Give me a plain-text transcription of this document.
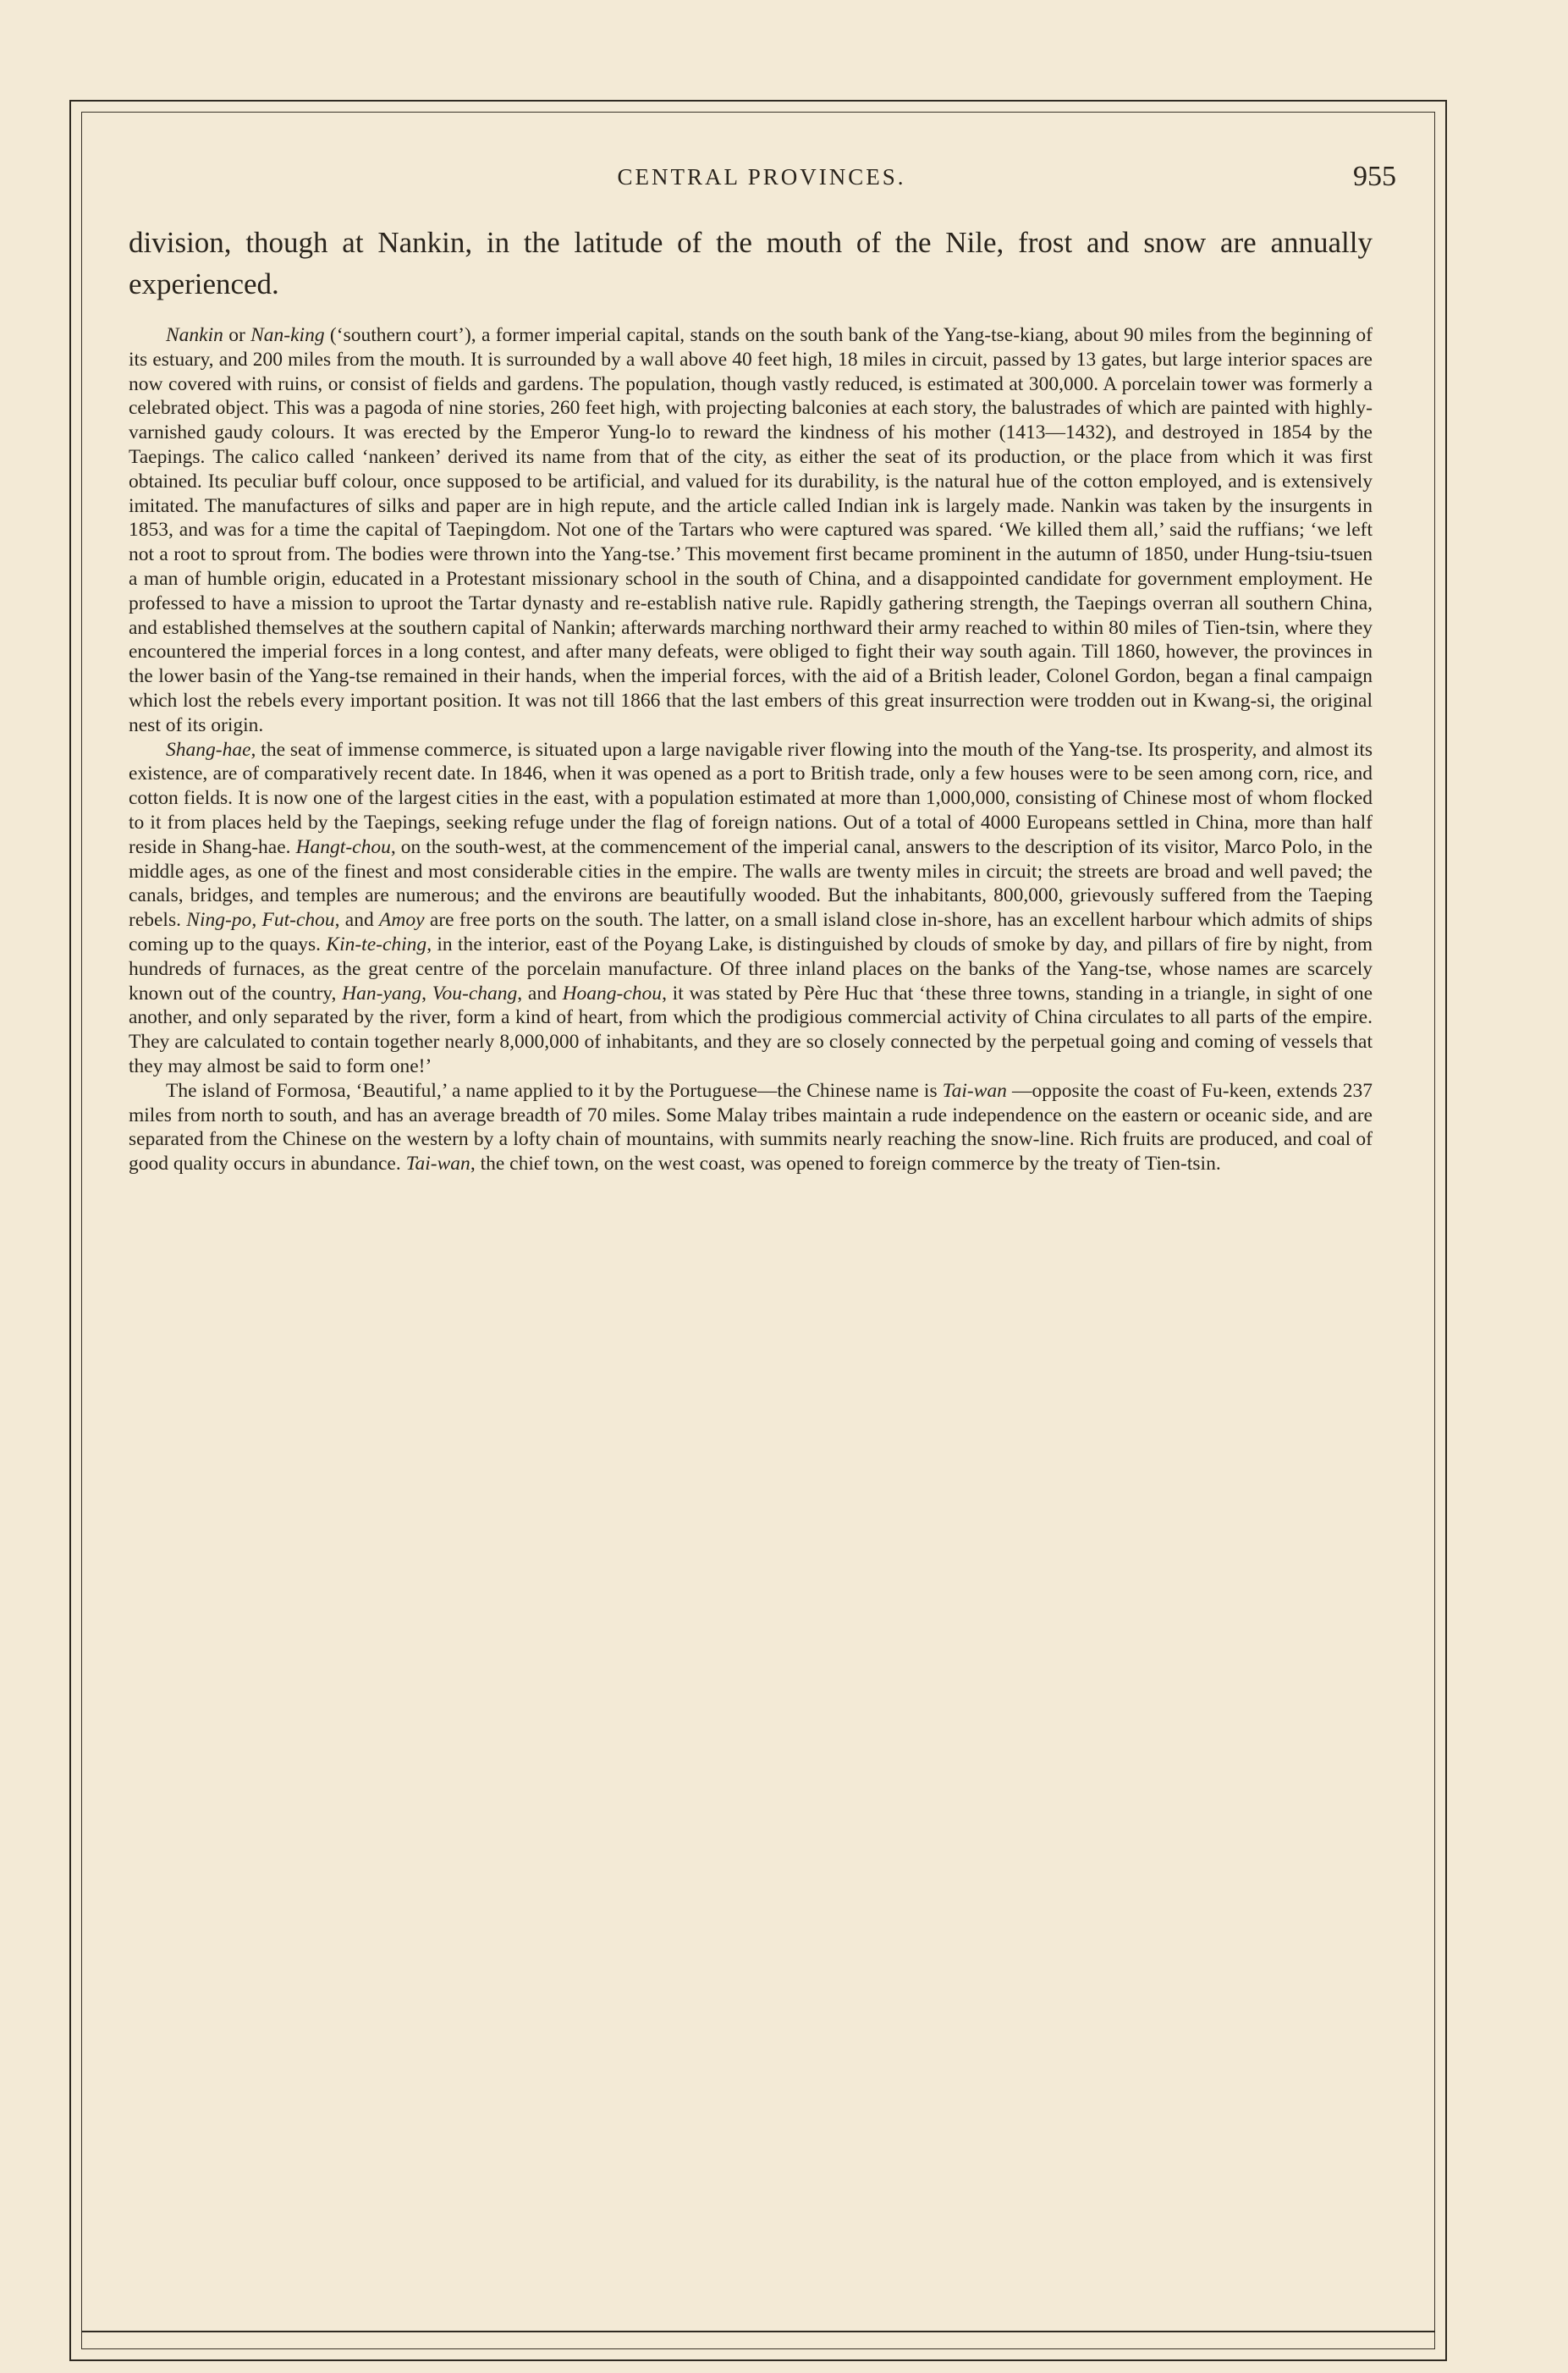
CENTRAL PROVINCES.	955

division, though at Nankin, in the latitude of the mouth of the Nile, frost and snow are annually experienced.

Nankin or Nan-king (‘southern court’), a former imperial capital, stands on the south bank of the Yang-tse-kiang, about 90 miles from the beginning of its estuary, and 200 miles from the mouth. It is surrounded by a wall above 40 feet high, 18 miles in circuit, passed by 13 gates, but large interior spaces are now covered with ruins, or consist of fields and gardens. The population, though vastly reduced, is estimated at 300,000. A porcelain tower was formerly a celebrated object. This was a pagoda of nine stories, 260 feet high, with projecting balconies at each story, the balustrades of which are painted with highly-varnished gaudy colours. It was erected by the Emperor Yung-lo to reward the kindness of his mother (1413—1432), and destroyed in 1854 by the Taepings. The calico called ‘nankeen’ derived its name from that of the city, as either the seat of its production, or the place from which it was first obtained. Its peculiar buff colour, once supposed to be artificial, and valued for its durability, is the natural hue of the cotton employed, and is extensively imitated. The manufactures of silks and paper are in high repute, and the article called Indian ink is largely made. Nankin was taken by the insurgents in 1853, and was for a time the capital of Taepingdom. Not one of the Tartars who were captured was spared. ‘We killed them all,’ said the ruffians; ‘we left not a root to sprout from. The bodies were thrown into the Yang-tse.’ This movement first became prominent in the autumn of 1850, under Hung-tsiu-tsuen a man of humble origin, educated in a Protestant missionary school in the south of China, and a disappointed candidate for government employment. He professed to have a mission to uproot the Tartar dynasty and re-establish native rule. Rapidly gathering strength, the Taepings overran all southern China, and established themselves at the southern capital of Nankin; afterwards marching northward their army reached to within 80 miles of Tien-tsin, where they encountered the imperial forces in a long contest, and after many defeats, were obliged to fight their way south again. Till 1860, however, the provinces in the lower basin of the Yang-tse remained in their hands, when the imperial forces, with the aid of a British leader, Colonel Gordon, began a final campaign which lost the rebels every important position. It was not till 1866 that the last embers of this great insurrection were trodden out in Kwang-si, the original nest of its origin.

Shang-hae, the seat of immense commerce, is situated upon a large navigable river flowing into the mouth of the Yang-tse. Its prosperity, and almost its existence, are of comparatively recent date. In 1846, when it was opened as a port to British trade, only a few houses were to be seen among corn, rice, and cotton fields. It is now one of the largest cities in the east, with a population estimated at more than 1,000,000, consisting of Chinese most of whom flocked to it from places held by the Taepings, seeking refuge under the flag of foreign nations. Out of a total of 4000 Europeans settled in China, more than half reside in Shang-hae. Hangt-chou, on the south-west, at the commencement of the imperial canal, answers to the description of its visitor, Marco Polo, in the middle ages, as one of the finest and most considerable cities in the empire. The walls are twenty miles in circuit; the streets are broad and well paved; the canals, bridges, and temples are numerous; and the environs are beautifully wooded. But the inhabitants, 800,000, grievously suffered from the Taeping rebels. Ning-po, Fut-chou, and Amoy are free ports on the south. The latter, on a small island close in-shore, has an excellent harbour which admits of ships coming up to the quays. Kin-te-ching, in the interior, east of the Poyang Lake, is distinguished by clouds of smoke by day, and pillars of fire by night, from hundreds of furnaces, as the great centre of the porcelain manufacture. Of three inland places on the banks of the Yang-tse, whose names are scarcely known out of the country, Han-yang, Vou-chang, and Hoang-chou, it was stated by Père Huc that ‘these three towns, standing in a triangle, in sight of one another, and only separated by the river, form a kind of heart, from which the prodigious commercial activity of China circulates to all parts of the empire. They are calculated to contain together nearly 8,000,000 of inhabitants, and they are so closely connected by the perpetual going and coming of vessels that they may almost be said to form one!’

The island of Formosa, ‘Beautiful,’ a name applied to it by the Portuguese—the Chinese name is Tai-wan —opposite the coast of Fu-keen, extends 237 miles from north to south, and has an average breadth of 70 miles. Some Malay tribes maintain a rude independence on the eastern or oceanic side, and are separated from the Chinese on the western by a lofty chain of mountains, with summits nearly reaching the snow-line. Rich fruits are produced, and coal of good quality occurs in abundance. Tai-wan, the chief town, on the west coast, was opened to foreign commerce by the treaty of Tien-tsin.
